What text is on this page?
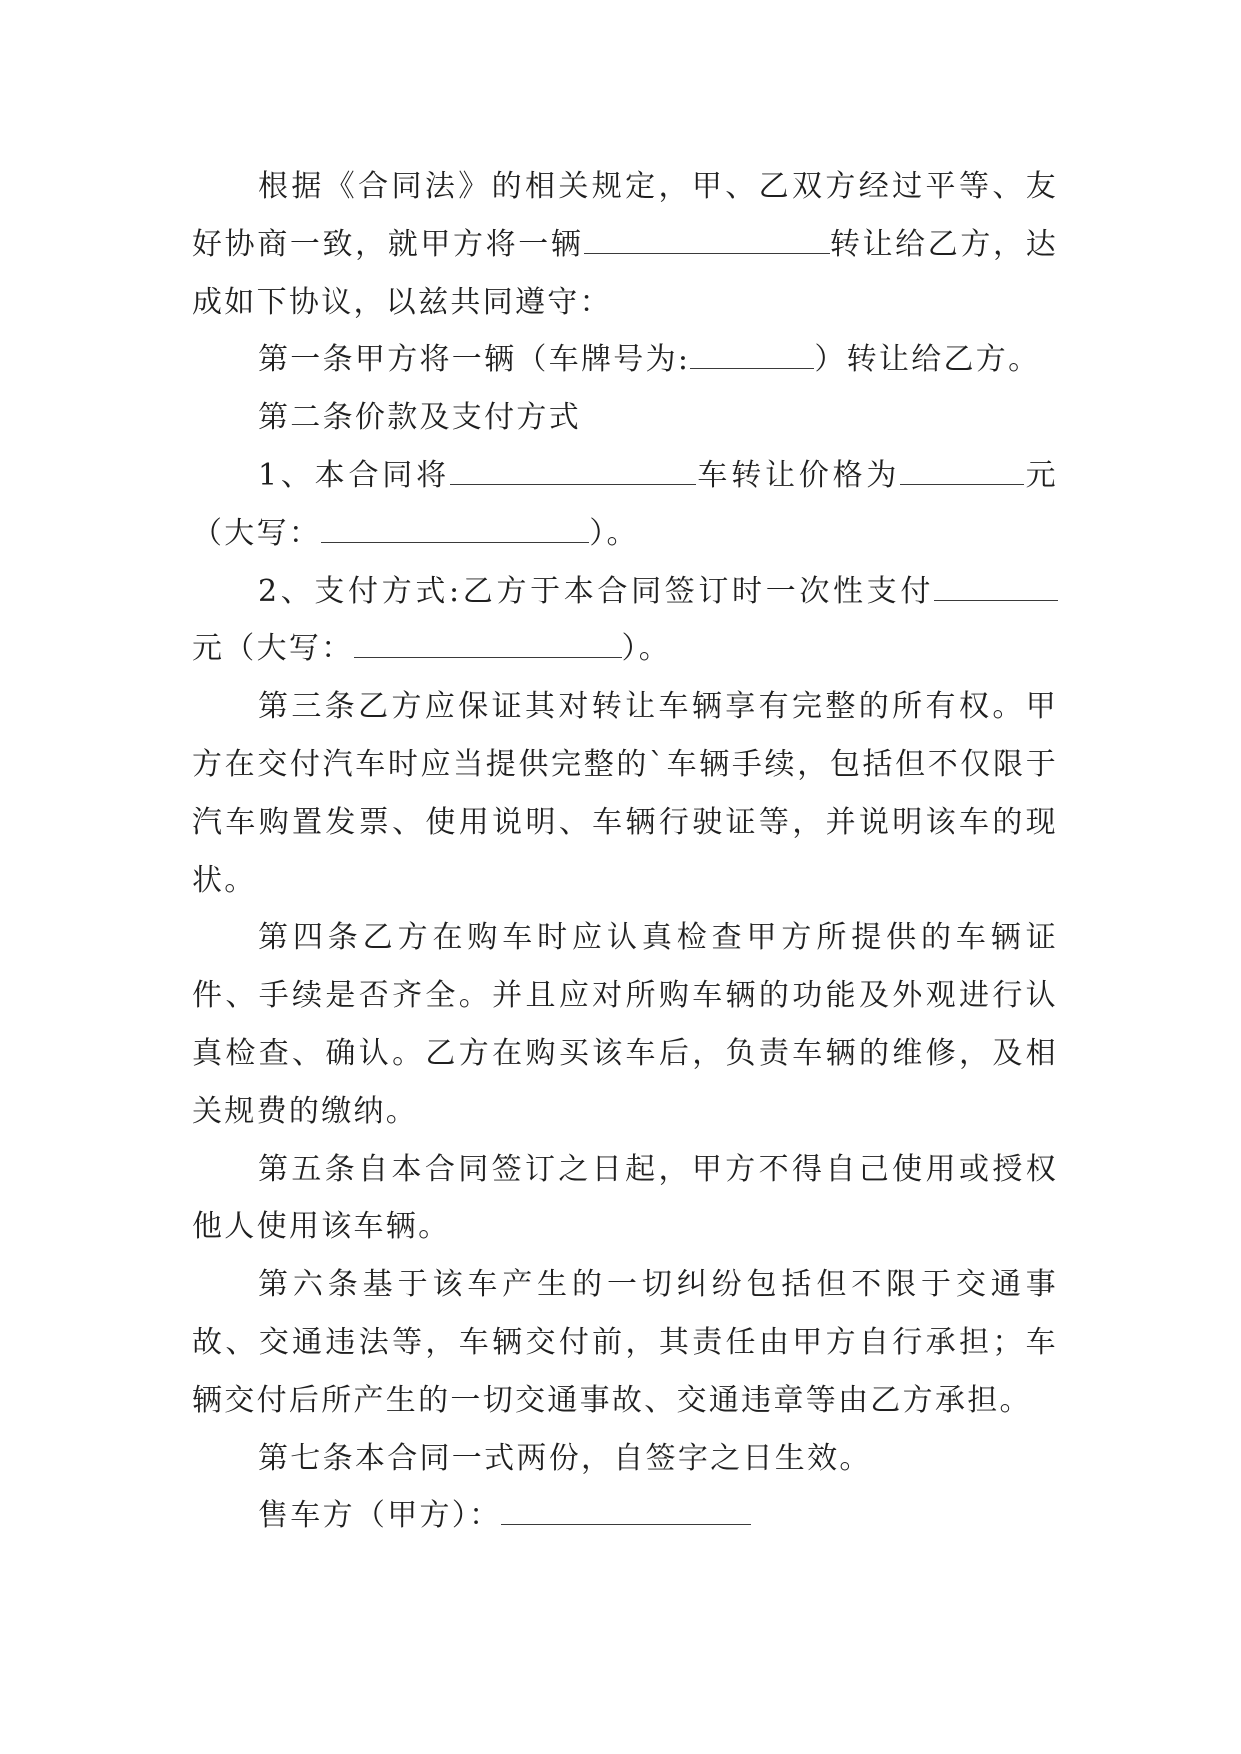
根据《合同法》的相关规定，甲、乙双方经过平等、友好协商一致，就甲方将一辆	转让给乙方，达成如下协议，以兹共同遵守：

第一条甲方将一辆（车牌号为:	）转让给乙方。

第二条价款及支付方式

1、本合同将	车转让价格为	元（大写：	）。

2、支付方式:乙方于本合同签订时一次性支付元（大写：	）。

第三条乙方应保证其对转让车辆享有完整的所有权。甲方在交付汽车时应当提供完整的`车辆手续，包括但不仅限于汽车购置发票、使用说明、车辆行驶证等，并说明该车的现状。

第四条乙方在购车时应认真检查甲方所提供的车辆证件、手续是否齐全。并且应对所购车辆的功能及外观进行认真检查、确认。乙方在购买该车后，负责车辆的维修，及相关规费的缴纳。

第五条自本合同签订之日起，甲方不得自己使用或授权他人使用该车辆。

第六条基于该车产生的一切纠纷包括但不限于交通事故、交通违法等，车辆交付前，其责任由甲方自行承担；车辆交付后所产生的一切交通事故、交通违章等由乙方承担。

第七条本合同一式两份，自签字之日生效。

售车方（甲方）：
